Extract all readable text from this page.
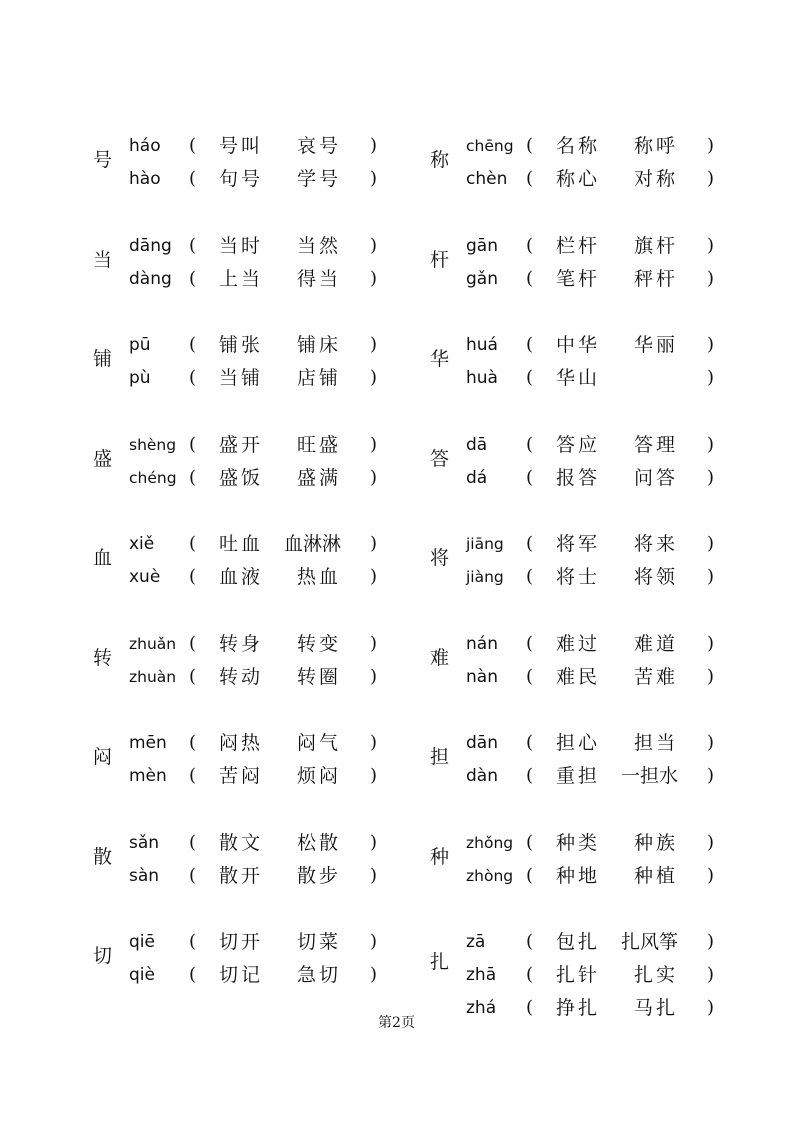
号
háo ( 号叫 哀号 )
hào ( 句号 学号 )
称
chēng ( 名称 称呼 )
chèn ( 称心 对称 )
当
dāng ( 当时 当然 )
dàng ( 上当 得当 )
杆
gān ( 栏杆 旗杆 )
gǎn ( 笔杆 秤杆 )
铺
pū ( 铺张 铺床 )
pù ( 当铺 店铺 )
华
huá ( 中华 华丽 )
huà ( 华山	)
盛
shèng ( 盛开 旺盛 )
chéng ( 盛饭 盛满 )
答
dā ( 答应 答理 )
dá ( 报答 问答 )
血
xiě ( 吐血 血淋淋 )
xuè ( 血液 热血 )
将
jiāng ( 将军 将来 )
jiàng ( 将士 将领 )
转
zhuǎn ( 转身 转变 )
zhuàn ( 转动 转圈 )
难
nán ( 难过 难道 )
nàn ( 难民 苦难 )
闷
mēn ( 闷热 闷气 )
mèn ( 苦闷 烦闷 )
担
dān ( 担心 担当 )
dàn ( 重担 一担水 )
散
sǎn ( 散文 松散 )
sàn ( 散开 散步 )
种
zhǒng ( 种类 种族 )
zhòng ( 种地 种植 )
切
qiē ( 切开 切菜 )
qiè ( 切记 急切 )
扎
zā ( 包扎 扎风筝 )
zhā ( 扎针 扎实 )
zhá ( 挣扎 马扎 )
第2页
